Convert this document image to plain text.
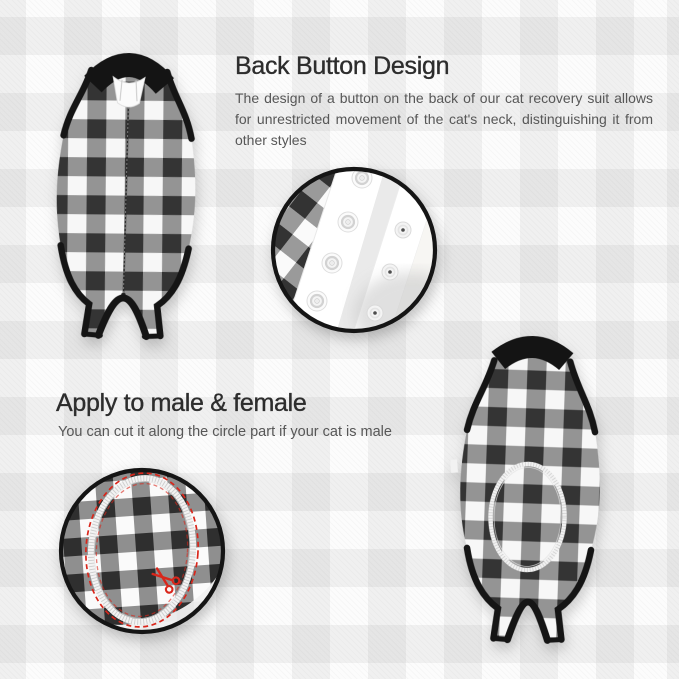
Back Button Design
The design of a button on the back of our cat recovery suit allows for unrestricted movement of the cat's neck, distinguishing it from other styles
Apply to male & female
You can cut it along the circle part if your cat is male
